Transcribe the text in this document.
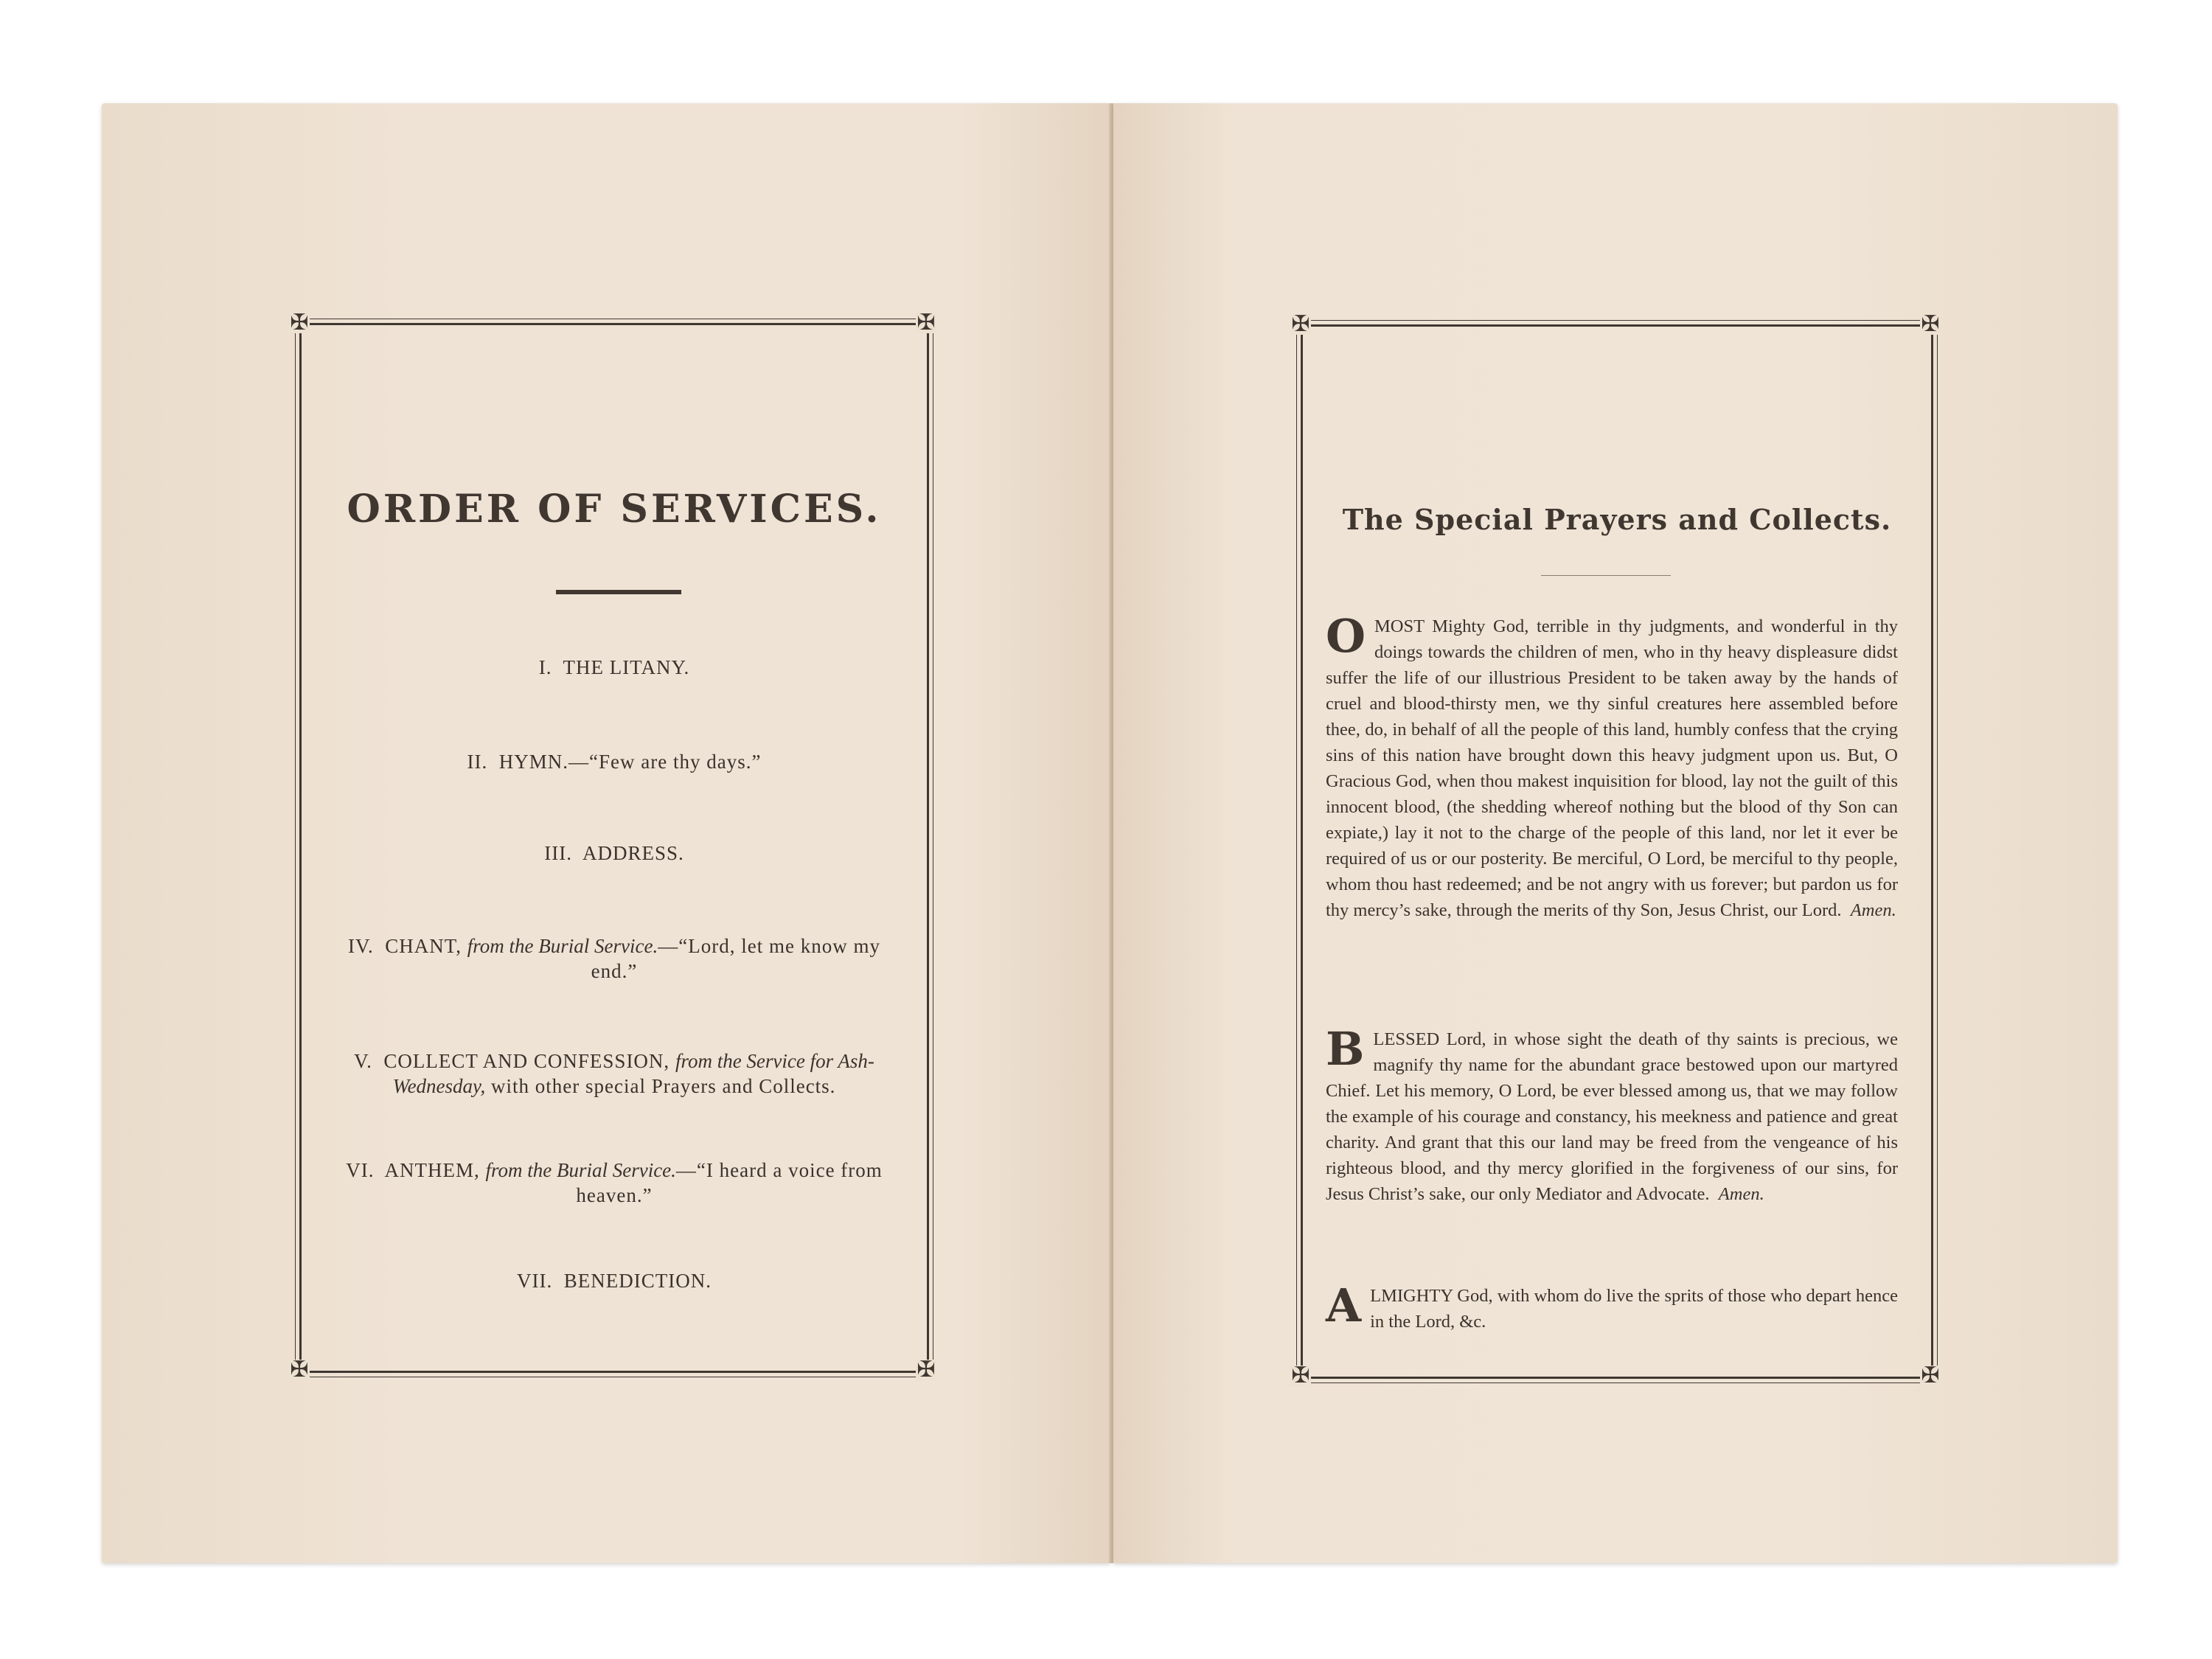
✠	✠
✠	✠
ORDER OF SERVICES.
I. THE LITANY.
II. HYMN.—“Few are thy days.”
III. ADDRESS.
IV. CHANT, from the Burial Service.—“Lord, let me know my end.”
V. COLLECT AND CONFESSION, from the Service for Ash-Wednesday, with other special Prayers and Collects.
VI. ANTHEM, from the Burial Service.—“I heard a voice from heaven.”
VII. BENEDICTION.
✠	✠
✠	✠
The Special Prayers and Collects.
OMOST Mighty God, terrible in thy judgments, and wonderful in thy doings towards the children of men, who in thy heavy displeasure didst suffer the life of our illustrious President to be taken away by the hands of cruel and blood-thirsty men, we thy sinful creatures here assembled before thee, do, in behalf of all the people of this land, humbly confess that the crying sins of this nation have brought down this heavy judgment upon us. But, O Gracious God, when thou makest inquisition for blood, lay not the guilt of this innocent blood, (the shedding whereof nothing but the blood of thy Son can expiate,) lay it not to the charge of the people of this land, nor let it ever be required of us or our posterity. Be merciful, O Lord, be merciful to thy people, whom thou hast redeemed; and be not angry with us forever; but pardon us for thy mercy’s sake, through the merits of thy Son, Jesus Christ, our Lord. Amen.
BLESSED Lord, in whose sight the death of thy saints is precious, we magnify thy name for the abundant grace bestowed upon our martyred Chief. Let his memory, O Lord, be ever blessed among us, that we may follow the example of his courage and constancy, his meekness and patience and great charity. And grant that this our land may be freed from the vengeance of his righteous blood, and thy mercy glorified in the forgiveness of our sins, for Jesus Christ’s sake, our only Mediator and Advocate. Amen.
ALMIGHTY God, with whom do live the sprits of those who depart hence in the Lord, &c.
